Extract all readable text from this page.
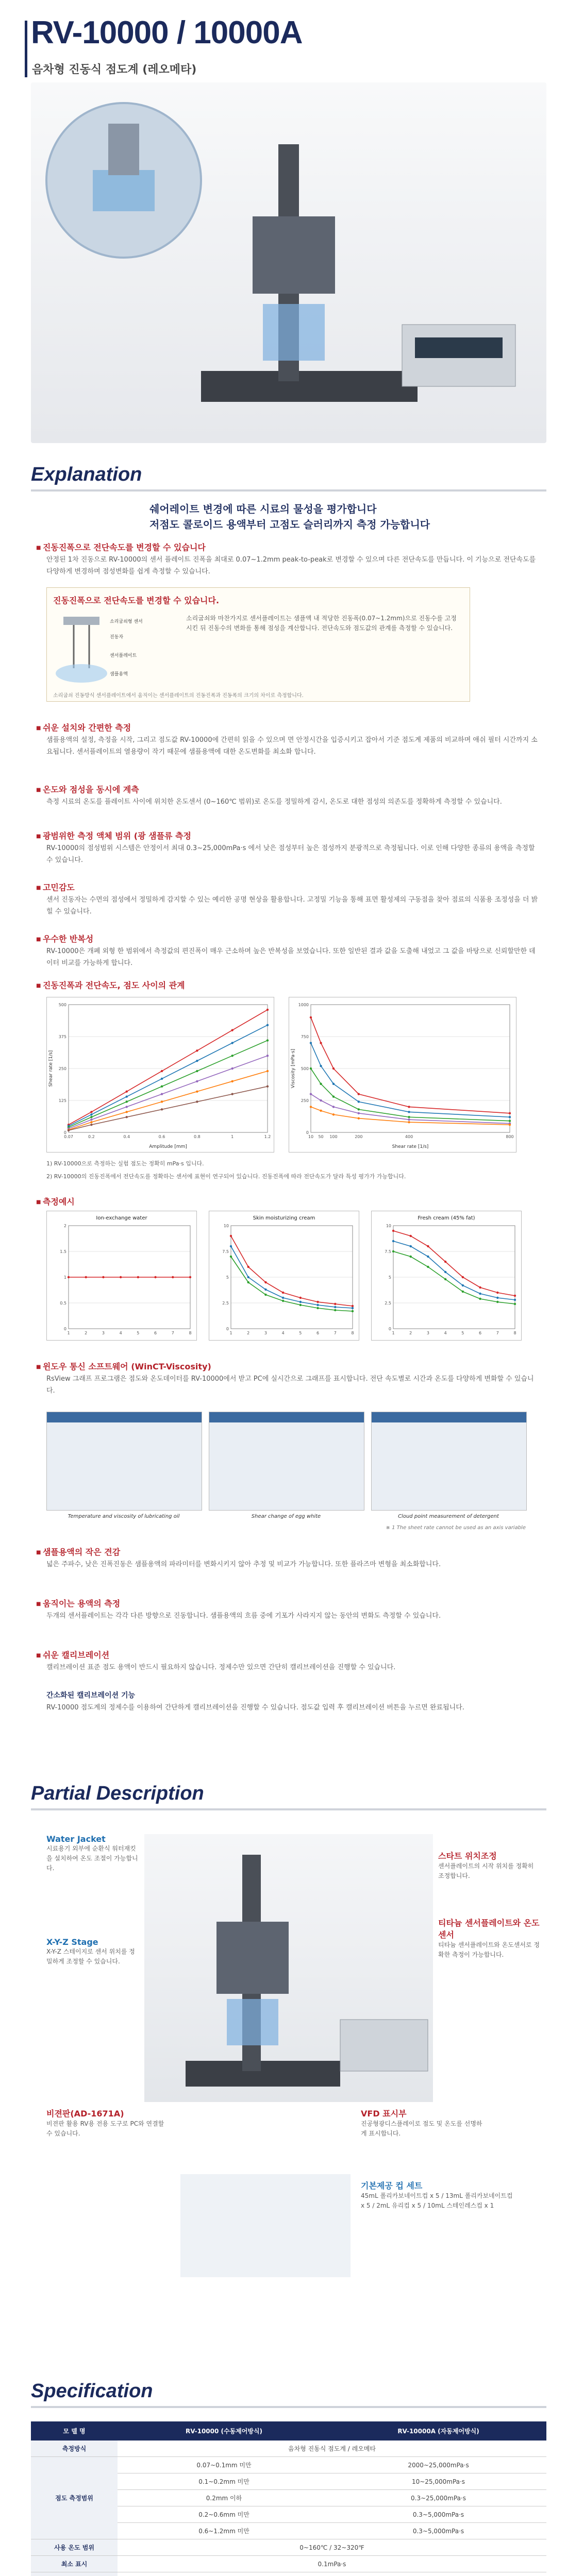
RV-10000 / 10000A
음차형 진동식 점도계 (레오메타)
Explanation
쉐어레이트 변경에 따른 시료의 물성을 평가합니다
저점도 콜로이드 용액부터 고점도 슬러리까지 측정 가능합니다
■ 진동진폭으로 전단속도를 변경할 수 있습니다
안정된 1차 진동으로 RV-10000의 센서 플레이트 진폭을 최대로 0.07~1.2mm peak-to-peak로 변경할 수 있으며 다른 전단속도를 만듭니다. 이 기능으로 전단속도를 다양하게 변경하며 점성변화를 쉽게 측정할 수 있습니다.
진동진폭으로 전단속도를 변경할 수 있습니다.
소리굽쇠형 센서
진동자
센서플레이트
샘플용액
소리굽쇠와 마찬가지로 센서플레이트는 샘플액 내 적당한 진동폭(0.07~1.2mm)으로 진동수를 고정시킨 뒤 진동수의 변화를 통해 점성을 계산합니다. 전단속도와 점도값의 관계를 측정할 수 있습니다.
소리굽쇠 진동방식 센서플레이트에서 움직이는 센서플레이트의 진동진폭과 진동폭의 크기의 차이로 측정합니다.
■ 쉬운 설치와 간편한 측정
샘플용액의 설정, 측정을 시작, 그리고 점도값 RV-10000에 간편히 읽을 수 있으며 면 안정시간을 입증시키고 잡아서 기준 점도계 제품의 비교하며 애쉬 필터 시간까지 소요됩니다. 센서플레이트의 열용량이 작기 때문에 샘플용액에 대한 온도변화를 최소화 합니다.
■ 온도와 점성을 동시에 계측
측정 시료의 온도를 플레이트 사이에 위치한 온도센서 (0~160℃ 범위)로 온도를 정밀하게 감시, 온도로 대한 점성의 의존도를 정확하게 측정할 수 있습니다.
■ 광범위한 측정 액체 범위 (광 샘플류 측정
RV-10000의 점성범위 시스템은 안정이서 최대 0.3~25,000mPa·s 에서 낮은 점성부터 높은 점성까지 분광적으로 측정됩니다. 이로 인해 다양한 종류의 용액을 측정할 수 있습니다.
■ 고민감도
센서 진동자는 수면의 점성에서 정밀하게 감지할 수 있는 예리한 공명 현상을 활용합니다. 고정밀 기능을 통해 표면 활성제의 구동점을 찾아 점료의 식품용 조정성을 더 밝힐 수 있습니다.
■ 우수한 반복성
RV-10000은 개폐 외형 한 범위에서 측정값의 편진폭이 매우 근소하며 높은 반복성을 보였습니다. 또한 일반된 결과 값을 도출해 내었고 그 값을 바탕으로 신뢰할만한 데이터 비교를 가능하게 합니다.
■ 진동진폭과 전단속도, 점도 사이의 관계
0
125
250
375
500
0.07	0.2	0.4	0.6	0.8	1	1.2
Amplitude [mm]
Shear rate [1/s]
0
250
500
750
1000
10 50 100	200	400	800
Shear rate [1/s]
Viscosity [mPa·s]
1) RV-10000으로 측정하는 실험 점도는 정확히 mPa·s 입니다.
2) RV-10000의 진동진폭에서 전단속도를 정확하는 센서에 표현이 연구되어 있습니다. 진동진폭에 따라 전단속도가 달라 특성 평가가 가능합니다.
■ 측정예시
0
0.5
1
1.5
2
1	2	3	4	5	6	7	8
Ion-exchange water
0
2.5
5
7.5
10
1	2	3	4	5	6	7	8
Skin moisturizing cream
0
2.5
5
7.5
10
1	2	3	4	5	6	7	8
Fresh cream (45% fat)
■ 윈도우 통신 소프트웨어 (WinCT-Viscosity)
RsView 그래프 프로그램은 점도와 온도데이터를 RV-10000에서 받고 PC에 실시간으로 그래프를 표시합니다. 전단 속도별로 시간과 온도를 다양하게 변화할 수 있습니다.
Temperature and viscosity of lubricating oil	Shear change of egg white	Cloud point measurement of detergent
※ 1 The sheet rate cannot be used as an axis variable
■ 샘플용액의 작은 견감
넓은 주파수, 낮은 진폭진동은 샘플용액의 파라미터를 변화시키지 않아 추정 및 비교가 가능합니다. 또한 플라즈마 변형을 최소화합니다.
■ 움직이는 용액의 측정
두개의 센서플레이트는 각각 다른 방향으로 진동합니다. 샘플용액의 흐름 중에 기포가 사라지지 않는 동안의 변화도 측정할 수 있습니다.
■ 쉬운 캘리브레이션
캘리브레이션 표준 점도 용액이 반드시 필요하지 않습니다. 정제수만 있으면 간단히 캘리브레이션을 진행할 수 있습니다.
간소화된 캘리브레이션 기능
RV-10000 점도계의 정제수를 이용하여 간단하게 캘리브레이션을 진행할 수 있습니다. 점도값 입력 후 캘리브레이션 버튼을 누르면 완료됩니다.
Partial Description
Water Jacket
시료용기 외부에 순환식 워터재킷을 설치하여 온도 조절이 가능합니다.
X-Y-Z Stage
X-Y-Z 스테이지로 센서 위치를 정밀하게 조정할 수 있습니다.
스타트 위치조정
센서플레이트의 시작 위치를 정확히 조정합니다.
티타늄 센서플레이트와 온도센서
티타늄 센서플레이트와 온도센서로 정확한 측정이 가능합니다.
비젼판(AD-1671A)
비젼판 활용 RV용 전용 도구로 PC와 연결할 수 있습니다.
VFD 표시부
진공형광디스플레이로 점도 및 온도를 선명하게 표시합니다.
기본제공 컵 세트
45mL 폴리카보네이트컵 x 5 / 13mL 폴리카보네이트컵 x 5 / 2mL 유리컵 x 5 / 10mL 스테인레스컵 x 1
Specification
모 델 명	RV-10000 (수동제어방식)	RV-10000A (자동제어방식)
측정방식	음차형 진동식 점도계 / 레오메타	
점도 측정범위	0.07~0.1mm 미만	2000~25,000mPa·s
	0.1~0.2mm 미만	10~25,000mPa·s
	0.2mm 이하	0.3~25,000mPa·s
	0.2~0.6mm 미만	0.3~5,000mPa·s
	0.6~1.2mm 미만	0.3~5,000mPa·s
사용 온도 범위	0~160℃ / 32~320℉	
최소 표시	0.1mPa·s	
